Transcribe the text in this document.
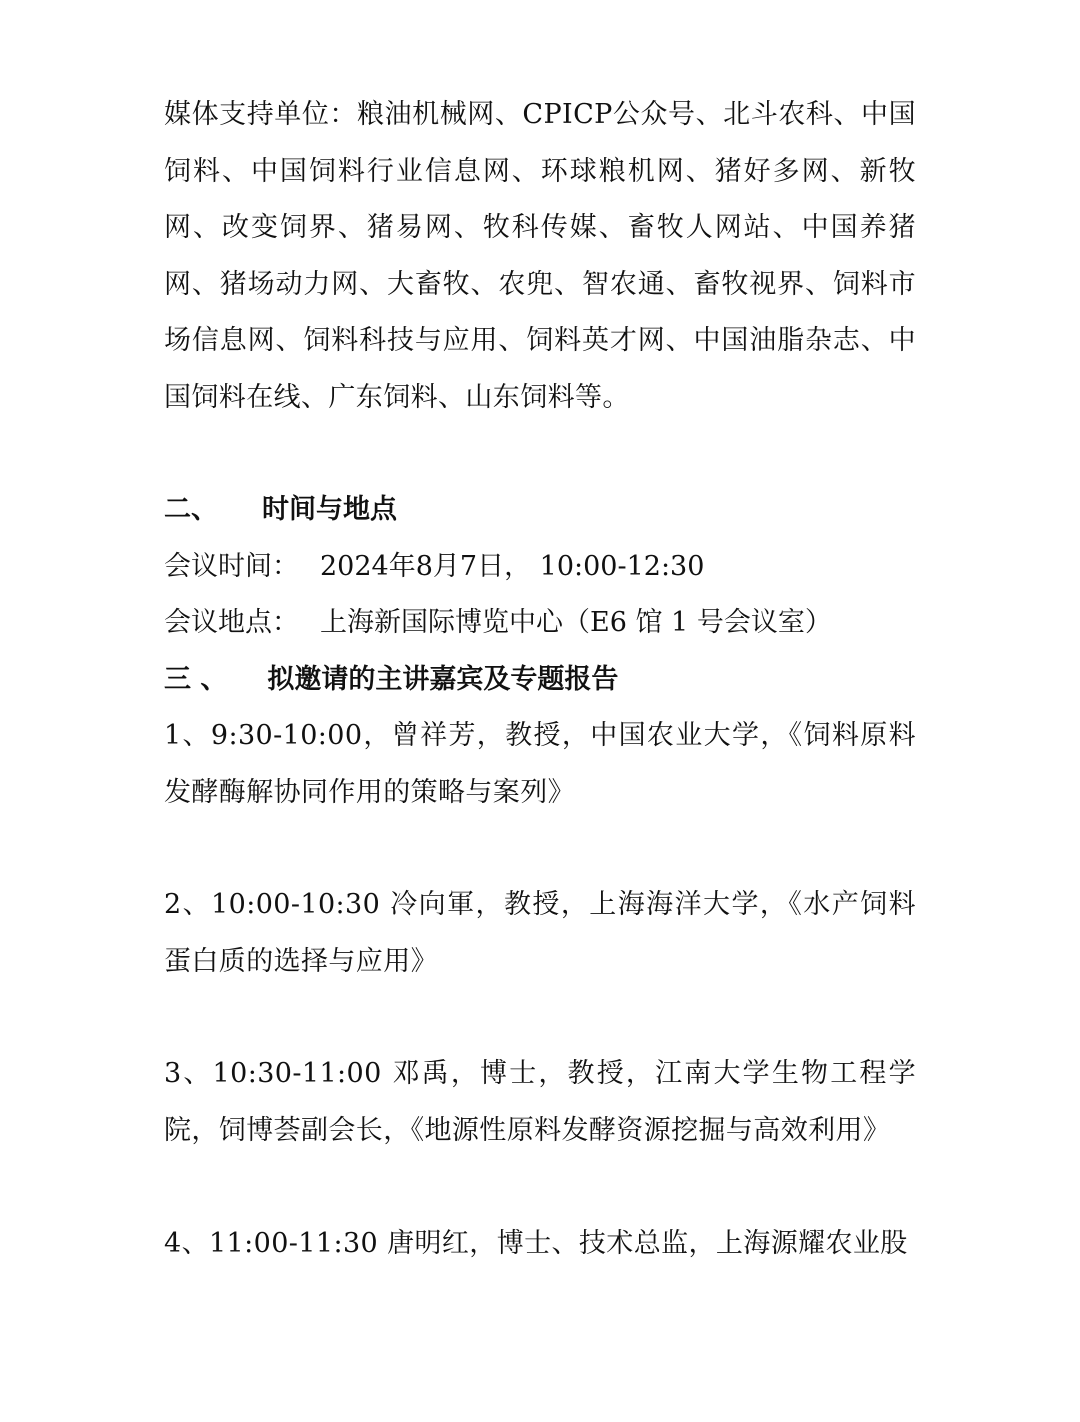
媒体支持单位：粮油机械网、CPICP公众号、北斗农科、中国饲料、中国饲料行业信息网、环球粮机网、猪好多网、新牧网、改变饲界、猪易网、牧科传媒、畜牧人网站、中国养猪网、猪场动力网、大畜牧、农兜、智农通、畜牧视界、饲料市场信息网、饲料科技与应用、饲料英才网、中国油脂杂志、中国饲料在线、广东饲料、山东饲料等。

二、 时间与地点
会议时间： 2024年8月7日， 10:00-12:30
会议地点： 上海新国际博览中心（E6 馆 1 号会议室）
三 、 拟邀请的主讲嘉宾及专题报告

1、9:30-10:00，曾祥芳，教授，中国农业大学，《饲料原料发酵酶解协同作用的策略与案列》

2、10:00-10:30 冷向軍，教授，上海海洋大学，《水产饲料蛋白质的选择与应用》

3、10:30-11:00 邓禹，博士，教授，江南大学生物工程学院，饲博荟副会长，《地源性原料发酵资源挖掘与高效利用》

4、11:00-11:30 唐明红，博士、技术总监，上海源耀农业股
